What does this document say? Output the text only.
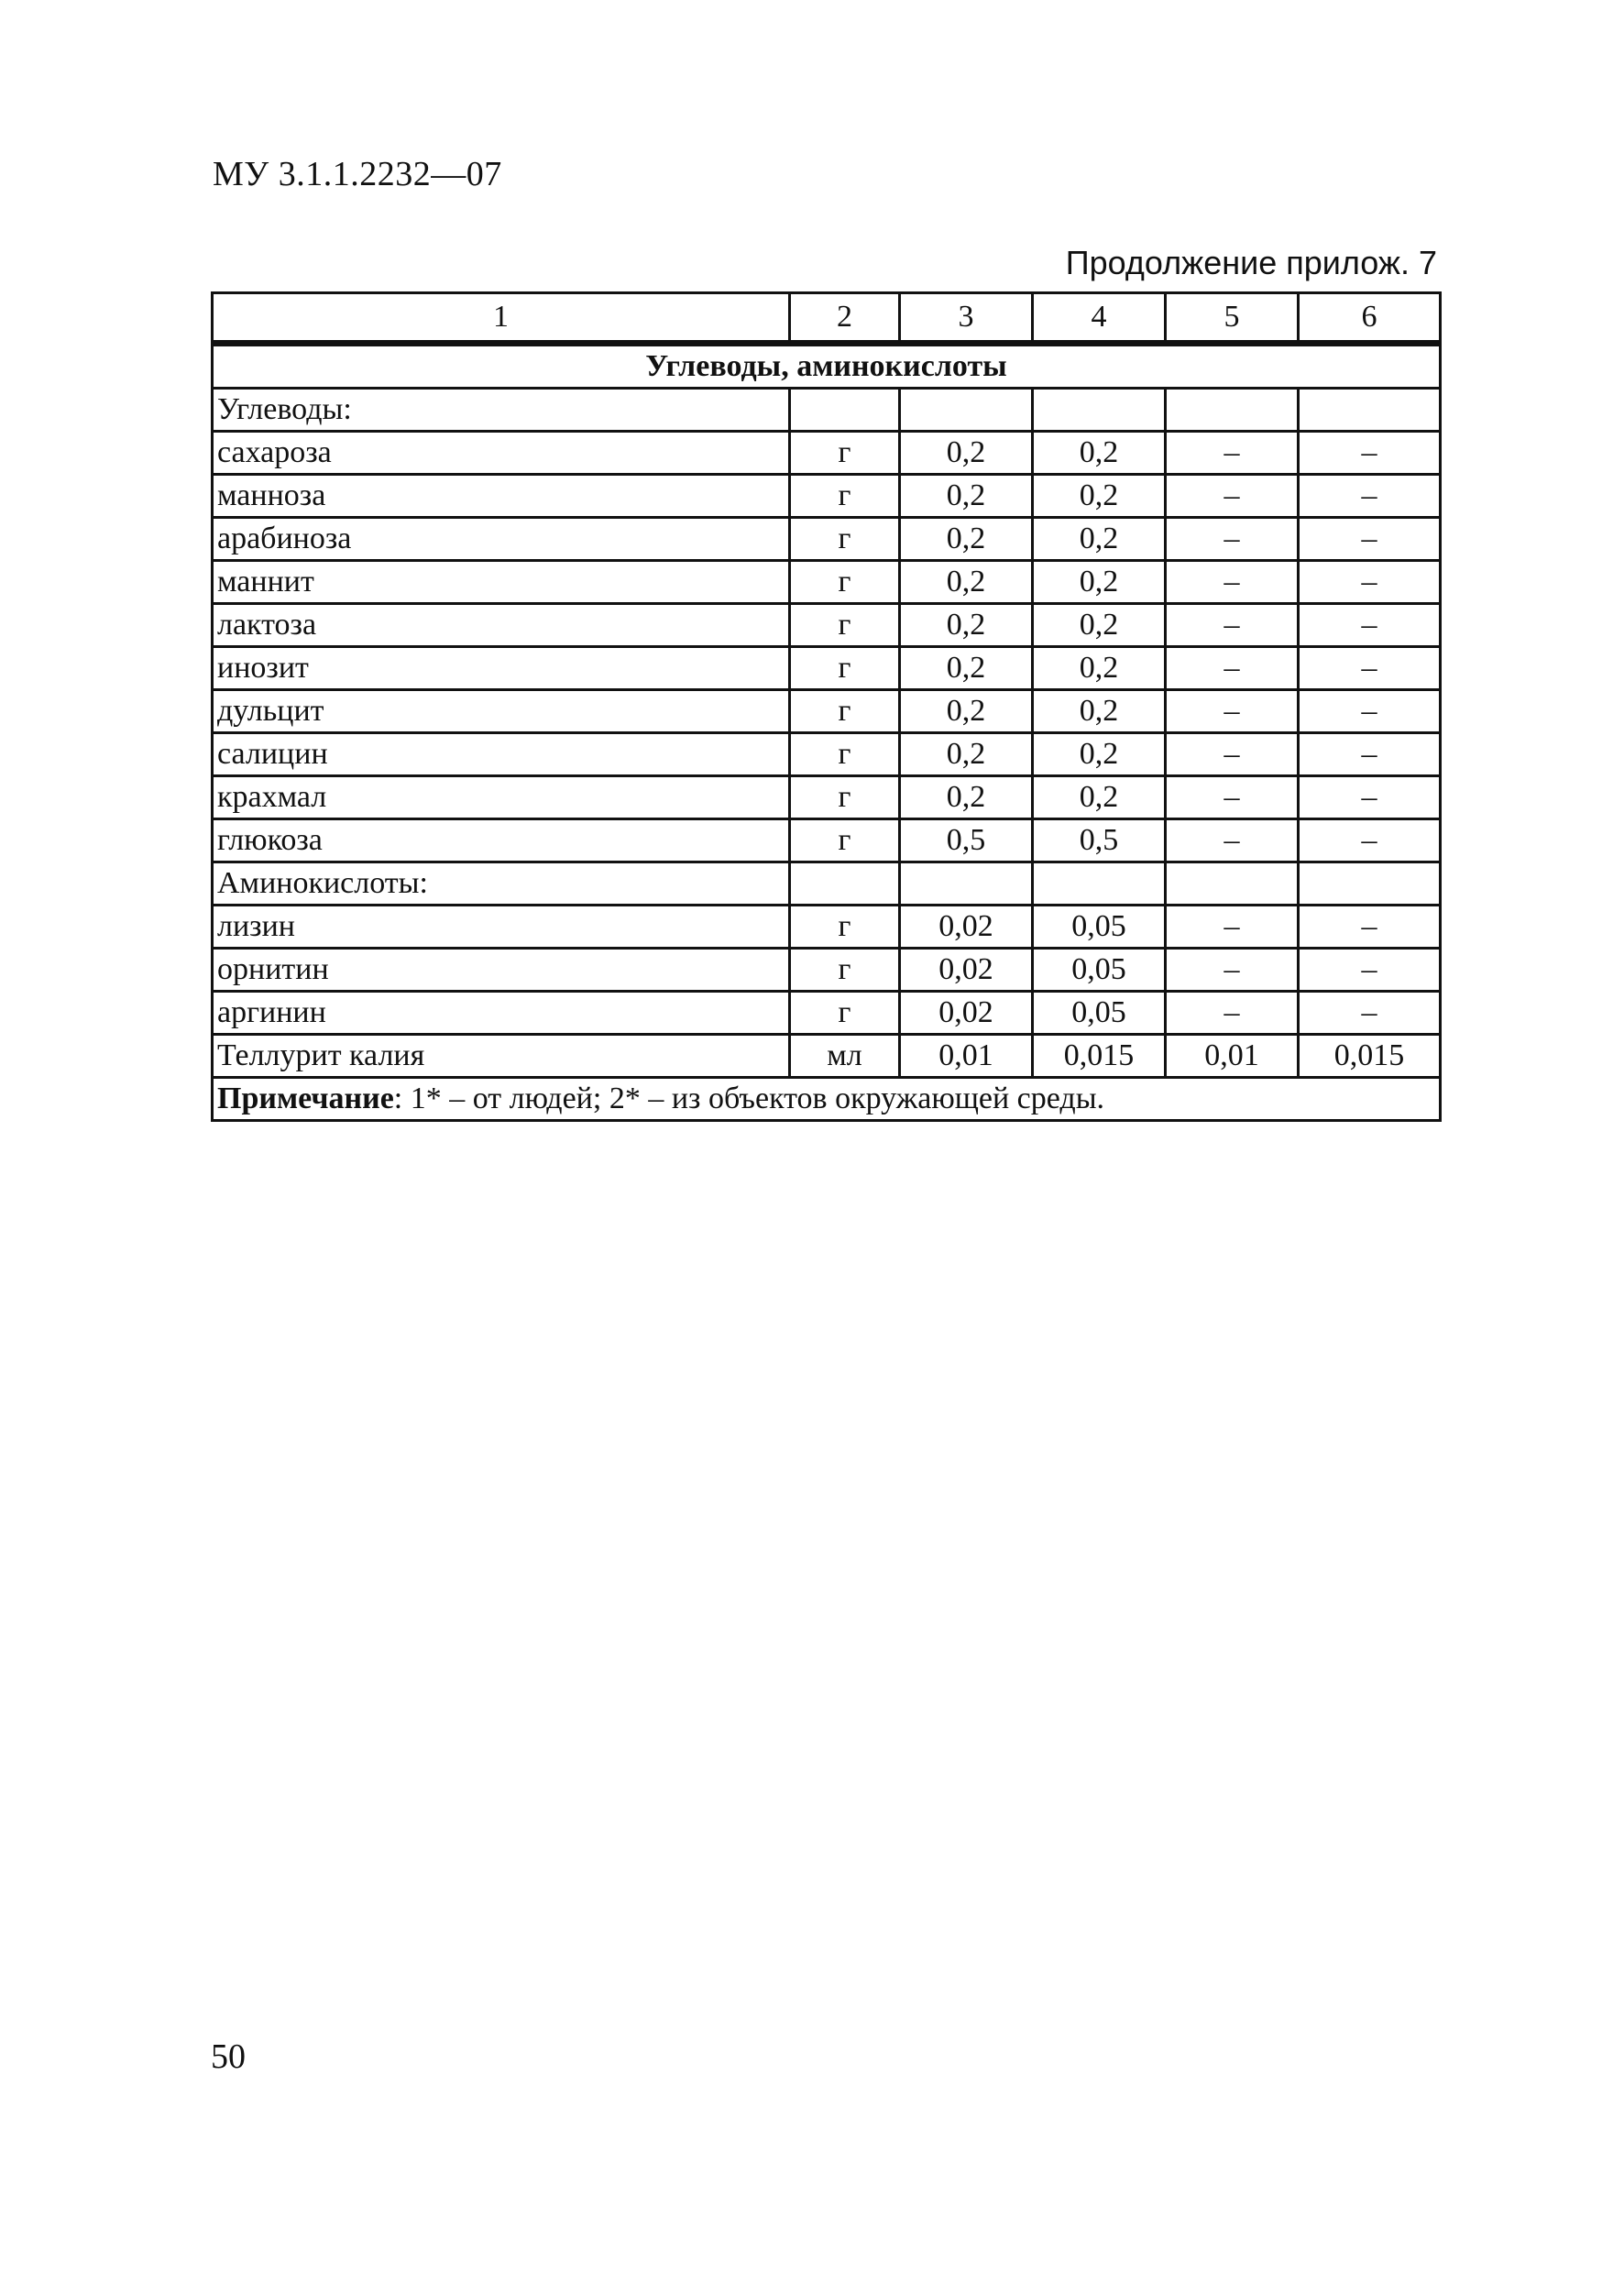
МУ 3.1.1.2232—07
Продолжение прилож. 7
1	2	3	4	5	6
Углеводы, аминокислоты					
Углеводы:					
сахароза	г	0,2	0,2	–	–
манноза	г	0,2	0,2	–	–
арабиноза	г	0,2	0,2	–	–
маннит	г	0,2	0,2	–	–
лактоза	г	0,2	0,2	–	–
инозит	г	0,2	0,2	–	–
дульцит	г	0,2	0,2	–	–
салицин	г	0,2	0,2	–	–
крахмал	г	0,2	0,2	–	–
глюкоза	г	0,5	0,5	–	–
Аминокислоты:					
лизин	г	0,02	0,05	–	–
орнитин	г	0,02	0,05	–	–
аргинин	г	0,02	0,05	–	–
Теллурит калия	мл	0,01	0,015	0,01	0,015
Примечание: 1* – от людей; 2* – из объектов окружающей среды.					
50
